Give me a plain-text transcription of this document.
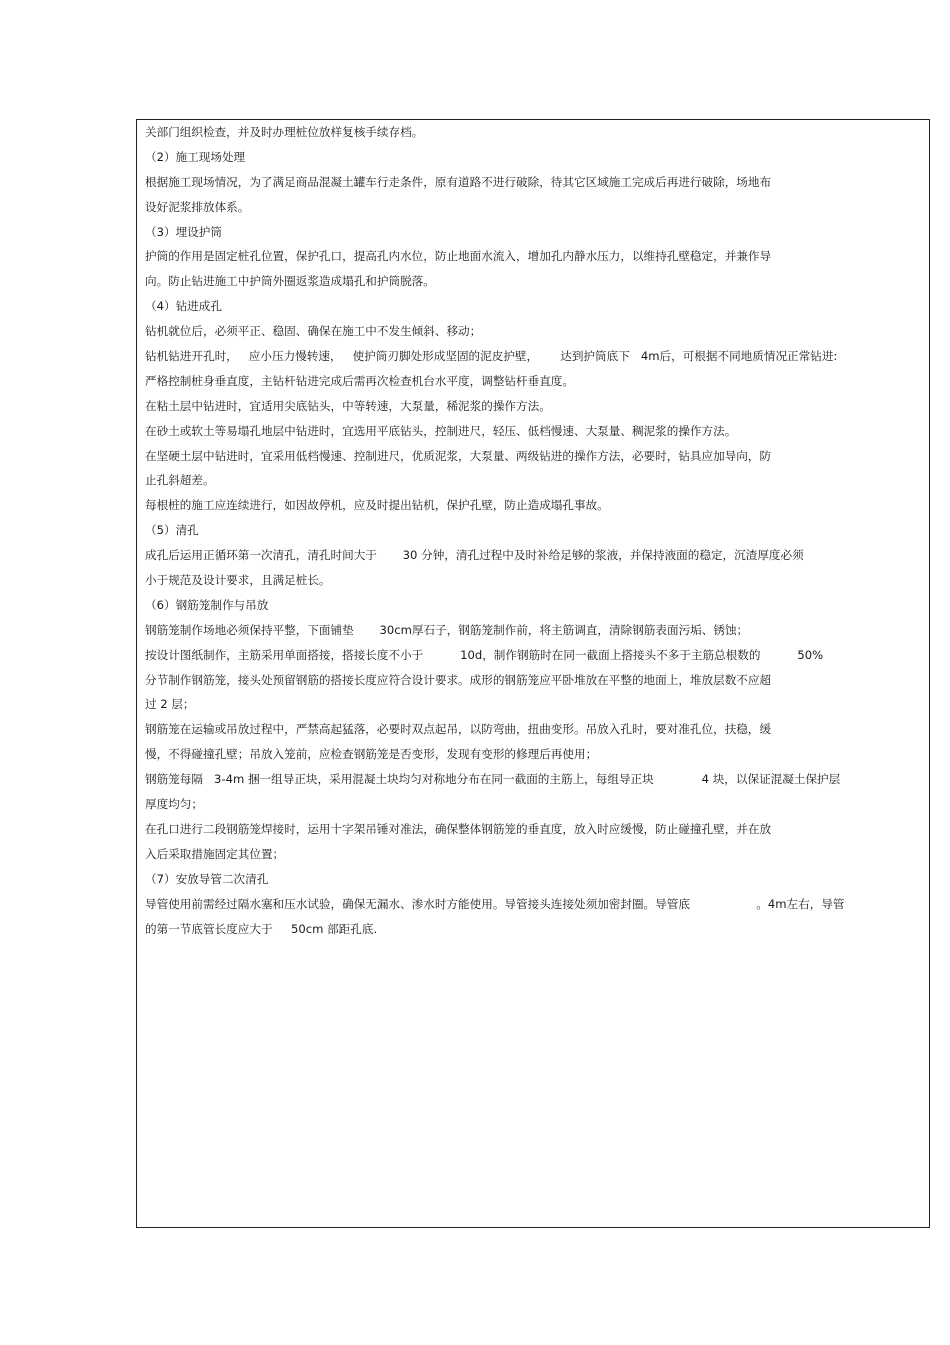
关部门组织检查，并及时办理桩位放样复核手续存档。
（2）施工现场处理
根据施工现场情况，为了满足商品混凝土罐车行走条件，原有道路不进行破除，待其它区域施工完成后再进行破除，场地布
设好泥浆排放体系。
（3）埋设护筒
护筒的作用是固定桩孔位置，保护孔口，提高孔内水位，防止地面水流入，增加孔内静水压力，以维持孔壁稳定，并兼作导
向。防止钻进施工中护筒外圈返浆造成塌孔和护筒脱落。
（4）钻进成孔
钻机就位后，必须平正、稳固、确保在施工中不发生倾斜、移动；
钻机钻进开孔时，   应小压力慢转速，   使护筒刃脚处形成坚固的泥皮护壁，      达到护筒底下   4m后，可根据不同地质情况正常钻进:
严格控制桩身垂直度，主钻杆钻进完成后需再次检查机台水平度，调整钻杆垂直度。
在粘土层中钻进时，宜适用尖底钻头，中等转速，大泵量，稀泥浆的操作方法。
在砂土或软土等易塌孔地层中钻进时，宜选用平底钻头，控制进尺，轻压、低档慢速、大泵量、稠泥浆的操作方法。
在坚硬土层中钻进时，宜采用低档慢速、控制进尺，优质泥浆，大泵量、两级钻进的操作方法，必要时，钻具应加导向，防
止孔斜超差。
每根桩的施工应连续进行，如因故停机，应及时提出钻机，保护孔壁，防止造成塌孔事故。
（5）清孔
成孔后运用正循环第一次清孔，清孔时间大于       30 分钟，清孔过程中及时补给足够的浆液，并保持液面的稳定，沉渣厚度必须
小于规范及设计要求，且满足桩长。
（6）钢筋笼制作与吊放
钢筋笼制作场地必须保持平整，下面铺垫       30cm厚石子，钢筋笼制作前，将主筋调直，清除钢筋表面污垢、锈蚀；
按设计图纸制作，主筋采用单面搭接，搭接长度不小于          10d，制作钢筋时在同一截面上搭接头不多于主筋总根数的          50%
分节制作钢筋笼，接头处预留钢筋的搭接长度应符合设计要求。成形的钢筋笼应平卧堆放在平整的地面上，堆放层数不应超
过 2 层；
钢筋笼在运输或吊放过程中，严禁高起猛落，必要时双点起吊，以防弯曲，扭曲变形。吊放入孔时，要对准孔位，扶稳，缓
慢，不得碰撞孔壁；吊放入笼前，应检查钢筋笼是否变形，发现有变形的修理后再使用；
钢筋笼每隔   3-4m 捆一组导正块，采用混凝土块均匀对称地分布在同一截面的主筋上，每组导正块             4 块，以保证混凝土保护层
厚度均匀；
在孔口进行二段钢筋笼焊接时，运用十字架吊锤对准法，确保整体钢筋笼的垂直度，放入时应缓慢，防止碰撞孔壁，并在放
入后采取措施固定其位置；
（7）安放导管二次清孔
导管使用前需经过隔水塞和压水试验，确保无漏水、渗水时方能使用。导管接头连接处须加密封圈。导管底                  。4m左右，导管
的第一节底管长度应大于     50cm 部距孔底.
